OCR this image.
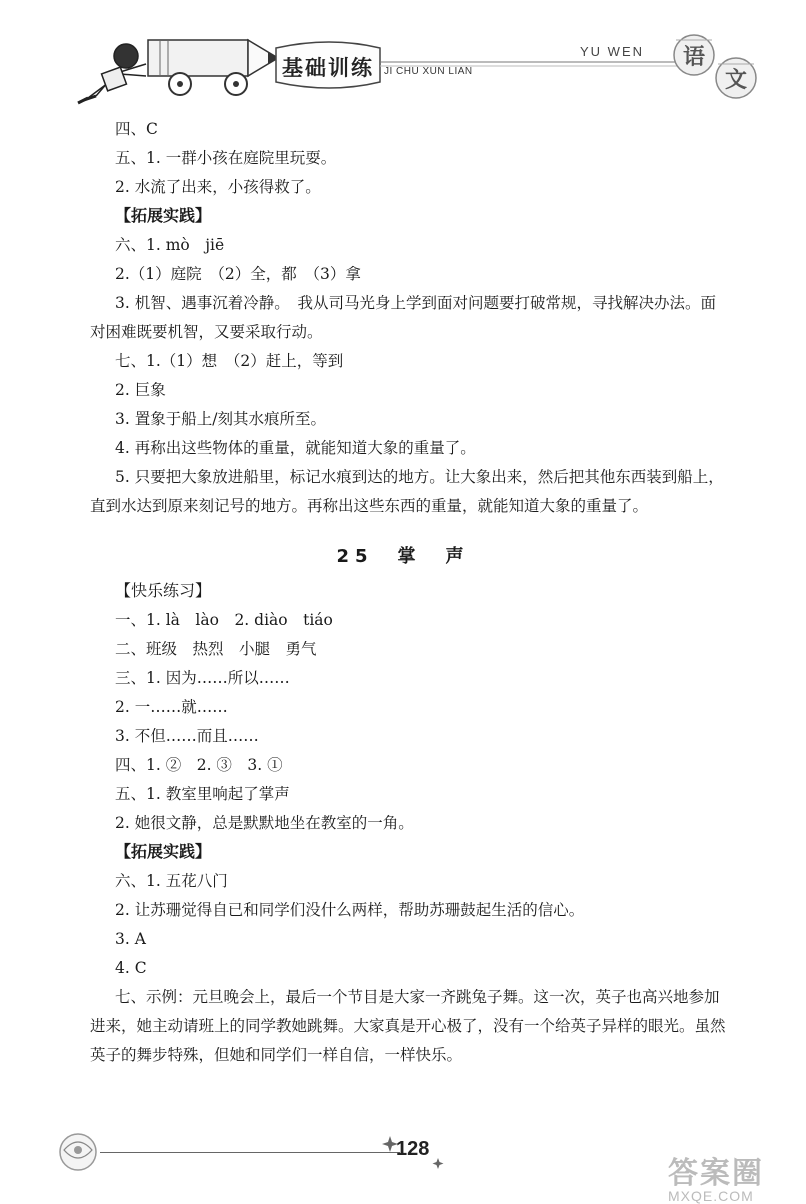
基础训练 JI CHU XUN LIAN
YU WEN 语
文
四、C
五、1. 一群小孩在庭院里玩耍。
2. 水流了出来，小孩得救了。
【拓展实践】
六、1. mò　jiē
2.（1）庭院　（2）全，都　（3）拿
3. 机智、遇事沉着冷静。　我从司马光身上学到面对问题要打破常规，寻找解决办法。面
对困难既要机智，又要采取行动。
七、1.（1）想　（2）赶上，等到
2. 巨象
3. 置象于船上/刻其水痕所至。
4. 再称出这些物体的重量，就能知道大象的重量了。
5. 只要把大象放进船里，标记水痕到达的地方。让大象出来，然后把其他东西装到船上，
直到水达到原来刻记号的地方。再称出这些东西的重量，就能知道大象的重量了。
25　掌　声
【快乐练习】
一、1. là　lào　2. diào　tiáo
二、班级　热烈　小腿　勇气
三、1. 因为……所以……
2. 一……就……
3. 不但……而且……
四、1. ②　2. ③　3. ①
五、1. 教室里响起了掌声
2. 她很文静，总是默默地坐在教室的一角。
【拓展实践】
六、1. 五花八门
2. 让苏珊觉得自已和同学们没什么两样，帮助苏珊鼓起生活的信心。
3. A
4. C
七、示例：元旦晚会上，最后一个节目是大家一齐跳兔子舞。这一次，英子也高兴地参加
进来，她主动请班上的同学教她跳舞。大家真是开心极了，没有一个给英子异样的眼光。虽然
英子的舞步特殊，但她和同学们一样自信，一样快乐。
128
答案圈
MXQE.COM
